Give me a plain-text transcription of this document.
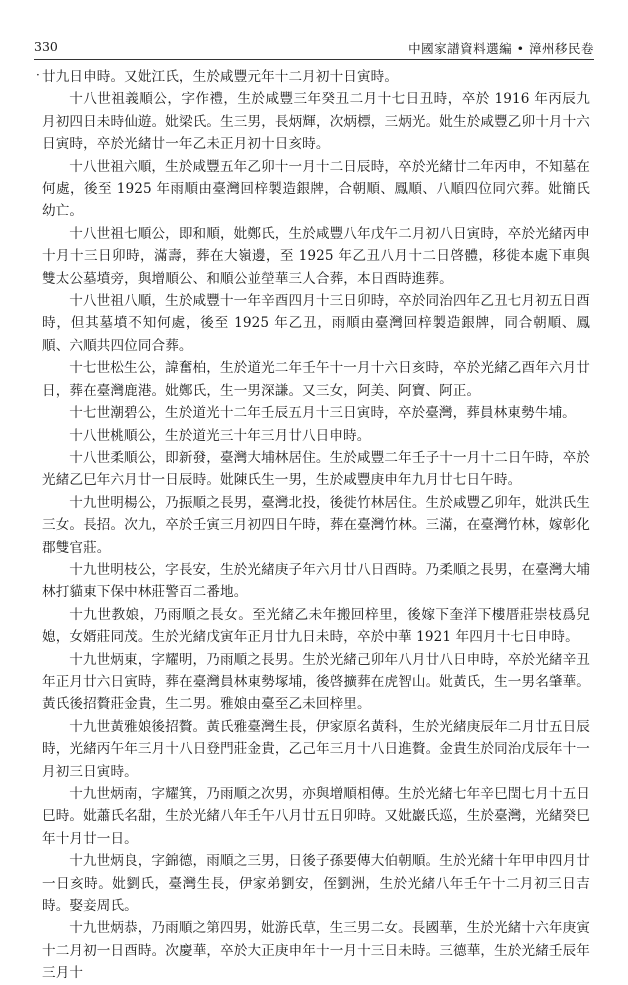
330	中國家譜資料選編 • 漳州移民卷
· 廿九日申時。又妣江氏，生於咸豐元年十二月初十日寅時。

十八世祖義順公，字作禮，生於咸豐三年癸丑二月十七日丑時，卒於 1916 年丙辰九月初四日未時仙遊。妣梁氏。生三男，長炳輝，次炳標，三炳光。妣生於咸豐乙卯十月十六日寅時，卒於光緒廿一年乙未正月初十日亥時。

十八世祖六順，生於咸豐五年乙卯十一月十二日辰時，卒於光緒廿二年丙申，不知墓在何處，後至 1925 年雨順由臺灣回梓製造銀牌，合朝順、鳳順、八順四位同穴葬。妣簡氏幼亡。

十八世祖七順公，即和順，妣鄭氏，生於咸豐八年戊午二月初八日寅時，卒於光緒丙申十月十三日卯時，滿壽，葬在大嶺邊，至 1925 年乙丑八月十二日啓體，移徙本處下車與雙太公墓墳旁，與增順公、和順公並塋華三人合葬，本日酉時進葬。

十八世祖八順，生於咸豐十一年辛酉四月十三日卯時，卒於同治四年乙丑七月初五日酉時，但其墓墳不知何處，後至 1925 年乙丑，雨順由臺灣回梓製造銀牌，同合朝順、鳳順、六順共四位同合葬。

十七世松生公，諱奮柏，生於道光二年壬午十一月十六日亥時，卒於光緒乙酉年六月廿日，葬在臺灣鹿港。妣鄭氏，生一男深謙。又三女，阿美、阿寶、阿正。

十七世潮碧公，生於道光十二年壬辰五月十三日寅時，卒於臺灣，葬員林東勢牛埔。

十八世桃順公，生於道光三十年三月廿八日申時。

十八世柔順公，即新發，臺灣大埔林居住。生於咸豐二年壬子十一月十二日午時，卒於光緒乙巳年六月廿一日辰時。妣陳氏生一男，生於咸豐庚申年九月廿七日午時。

十九世明楊公，乃振順之長男，臺灣北投，後徙竹林居住。生於咸豐乙卯年，妣洪氏生三女。長招。次九，卒於壬寅三月初四日午時，葬在臺灣竹林。三滿，在臺灣竹林，嫁彰化郡雙官莊。

十九世明枝公，字長安，生於光緒庚子年六月廿八日酉時。乃柔順之長男，在臺灣大埔林打貓東下保中林莊警百二番地。

十九世教娘，乃雨順之長女。至光緒乙未年搬回梓里，後嫁下奎洋下樓厝莊崇枝爲兒媳，女婿莊同茂。生於光緒戊寅年正月廿九日未時，卒於中華 1921 年四月十七日申時。

十九世炳東，字耀明，乃雨順之長男。生於光緒己卯年八月廿八日申時，卒於光緒辛丑年正月廿六日寅時，葬在臺灣員林東勢塚埔，後啓擴葬在虎智山。妣黃氏，生一男名肇華。黃氏後招贅莊金貴，生二男。雅娘由臺至乙未回梓里。

十九世黃雅娘後招贅。黃氏雅臺灣生長，伊家原名黃科，生於光緒庚辰年二月廿五日辰時，光緒丙午年三月十八日登門莊金貴，乙己年三月十八日進贅。金貴生於同治戊辰年十一月初三日寅時。

十九世炳南，字耀箕，乃雨順之次男，亦與增順相傳。生於光緒七年辛巳閏七月十五日巳時。妣蕭氏名甜，生於光緒八年壬午八月廿五日卯時。又妣巖氏巡，生於臺灣，光緒癸巳年十月廿一日。

十九世炳良，字錦德，雨順之三男，日後子孫要傳大伯朝順。生於光緒十年甲申四月廿一日亥時。妣劉氏，臺灣生長，伊家弟劉安，侄劉洲，生於光緒八年壬午十二月初三日吉時。娶妾周氏。

十九世炳恭，乃雨順之第四男，妣游氏草，生三男二女。長國華，生於光緒十六年庚寅十二月初一日酉時。次慶華，卒於大正庚申年十一月十三日未時。三德華，生於光緒壬辰年三月十
